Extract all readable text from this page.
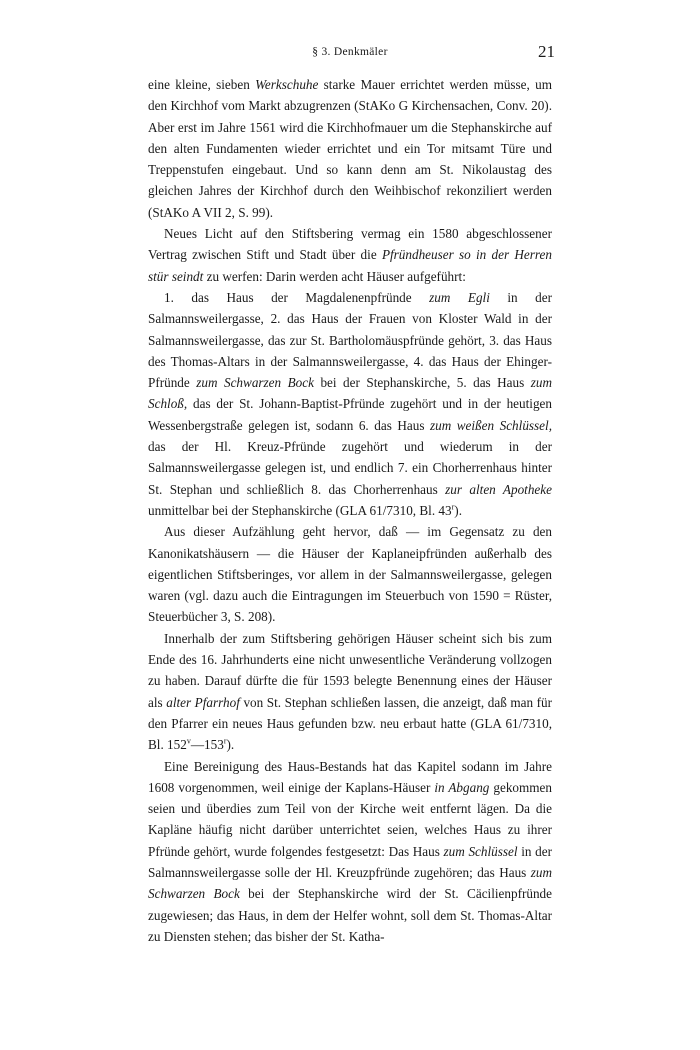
§ 3. Denkmäler	21

eine kleine, sieben Werkschuhe starke Mauer errichtet werden müsse, um den Kirchhof vom Markt abzugrenzen (StAKo G Kirchensachen, Conv. 20). Aber erst im Jahre 1561 wird die Kirchhofmauer um die Stephanskirche auf den alten Fundamenten wieder errichtet und ein Tor mitsamt Türe und Treppenstufen eingebaut. Und so kann denn am St. Nikolaustag des gleichen Jahres der Kirchhof durch den Weihbischof rekonziliert werden (StAKo A VII 2, S. 99).

Neues Licht auf den Stiftsbering vermag ein 1580 abgeschlossener Vertrag zwischen Stift und Stadt über die Pfründheuser so in der Herren stür seindt zu werfen: Darin werden acht Häuser aufgeführt:

1. das Haus der Magdalenenpfründe zum Egli in der Salmannsweilergasse, 2. das Haus der Frauen von Kloster Wald in der Salmannsweilergasse, das zur St. Bartholomäuspfründe gehört, 3. das Haus des Thomas-Altars in der Salmannsweilergasse, 4. das Haus der Ehinger-Pfründe zum Schwarzen Bock bei der Stephanskirche, 5. das Haus zum Schloß, das der St. Johann-Baptist-Pfründe zugehört und in der heutigen Wessenbergstraße gelegen ist, sodann 6. das Haus zum weißen Schlüssel, das der Hl. Kreuz-Pfründe zugehört und wiederum in der Salmannsweilergasse gelegen ist, und endlich 7. ein Chorherrenhaus hinter St. Stephan und schließlich 8. das Chorherrenhaus zur alten Apotheke unmittelbar bei der Stephanskirche (GLA 61/7310, Bl. 43$^r$).

Aus dieser Aufzählung geht hervor, daß — im Gegensatz zu den Kanonikatshäusern — die Häuser der Kaplaneipfründen außerhalb des eigentlichen Stiftsberinges, vor allem in der Salmannsweilergasse, gelegen waren (vgl. dazu auch die Eintragungen im Steuerbuch von 1590 = Rüster, Steuerbücher 3, S. 208).

Innerhalb der zum Stiftsbering gehörigen Häuser scheint sich bis zum Ende des 16. Jahrhunderts eine nicht unwesentliche Veränderung vollzogen zu haben. Darauf dürfte die für 1593 belegte Benennung eines der Häuser als alter Pfarrhof von St. Stephan schließen lassen, die anzeigt, daß man für den Pfarrer ein neues Haus gefunden bzw. neu erbaut hatte (GLA 61/7310, Bl. 152$^v$—153$^r$).

Eine Bereinigung des Haus-Bestands hat das Kapitel sodann im Jahre 1608 vorgenommen, weil einige der Kaplans-Häuser in Abgang gekommen seien und überdies zum Teil von der Kirche weit entfernt lägen. Da die Kapläne häufig nicht darüber unterrichtet seien, welches Haus zu ihrer Pfründe gehört, wurde folgendes festgesetzt: Das Haus zum Schlüssel in der Salmannsweilergasse solle der Hl. Kreuzpfründe zugehören; das Haus zum Schwarzen Bock bei der Stephanskirche wird der St. Cäcilienpfründe zugewiesen; das Haus, in dem der Helfer wohnt, soll dem St. Thomas-Altar zu Diensten stehen; das bisher der St. Katha-
